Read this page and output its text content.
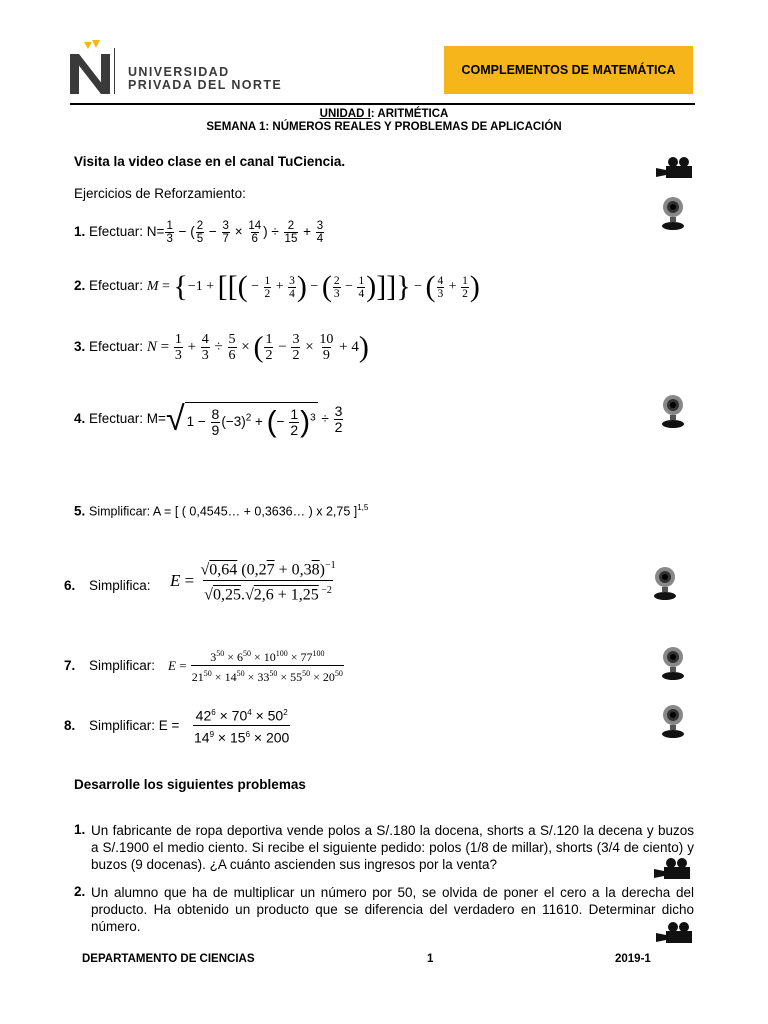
UNIVERSIDAD
PRIVADA DEL NORTE
COMPLEMENTOS DE MATEMÁTICA
UNIDAD I: ARITMÉTICA
SEMANA 1: NÚMEROS REALES Y PROBLEMAS DE APLICACIÓN
Visita la video clase en el canal TuCiencia.
Ejercicios de Reforzamiento:
1. Efectuar: $N= \frac{1}{3}$ − ( $\frac{2}{5} - \frac{3}{7} \times \frac{14}{6}$ ) ÷ $\frac{2}{15} + \frac{3}{4}$
2. Efectuar: M = {−1 + [[( − $\frac{1}{2} + \frac{3}{4}$ ) − ( $\frac{2}{3} - \frac{1}{4}$ )]]} − ( $\frac{4}{3} + \frac{1}{2}$ )
3. Efectuar: $N = \frac{1}{3} + \frac{4}{3} \div \frac{5}{6}$ × ( $\frac{1}{2} - \frac{3}{2} \times \frac{10}{9} + 4$)
4. Efectuar: M=√ $1 - \frac{8}{9} (-3)^2$ + (− $\frac{1}{2} )^3 \div \frac{3}{2}$
5. Simplificar: A = [ ( 0,4545… + 0,3636… ) x 2,75 ]$^{1,5}$
6. Simplifica: $E = \frac{√0,64 (0,27 + 0,38)^{-1}}{√0,25.√2,6 + 1,25 ^{-2}}$
7. Simplificar: $E = \frac{3^{50} \times 6^{50} \times 10^{100} \times 77^{100}}{21^{50} \times 14^{50} \times 33^{50} \times 55^{50} \times 20^{50}}$
8. Simplificar: $E = \frac{42^6 \times 70^4 \times 50^2}{14^9 \times 15^6 \times 200}$
Desarrolle los siguientes problemas
1. Un fabricante de ropa deportiva vende polos a S/.180 la docena, shorts a S/.120 la decena y buzos a S/.1900 el medio ciento. Si recibe el siguiente pedido: polos (1/8 de millar), shorts (3/4 de ciento) y buzos (9 docenas). ¿A cuánto ascienden sus ingresos por la venta?
2. Un alumno que ha de multiplicar un número por 50, se olvida de poner el cero a la derecha del producto. Ha obtenido un producto que se diferencia del verdadero en 11610. Determinar dicho número.
DEPARTAMENTO DE CIENCIAS	1	2019-1
